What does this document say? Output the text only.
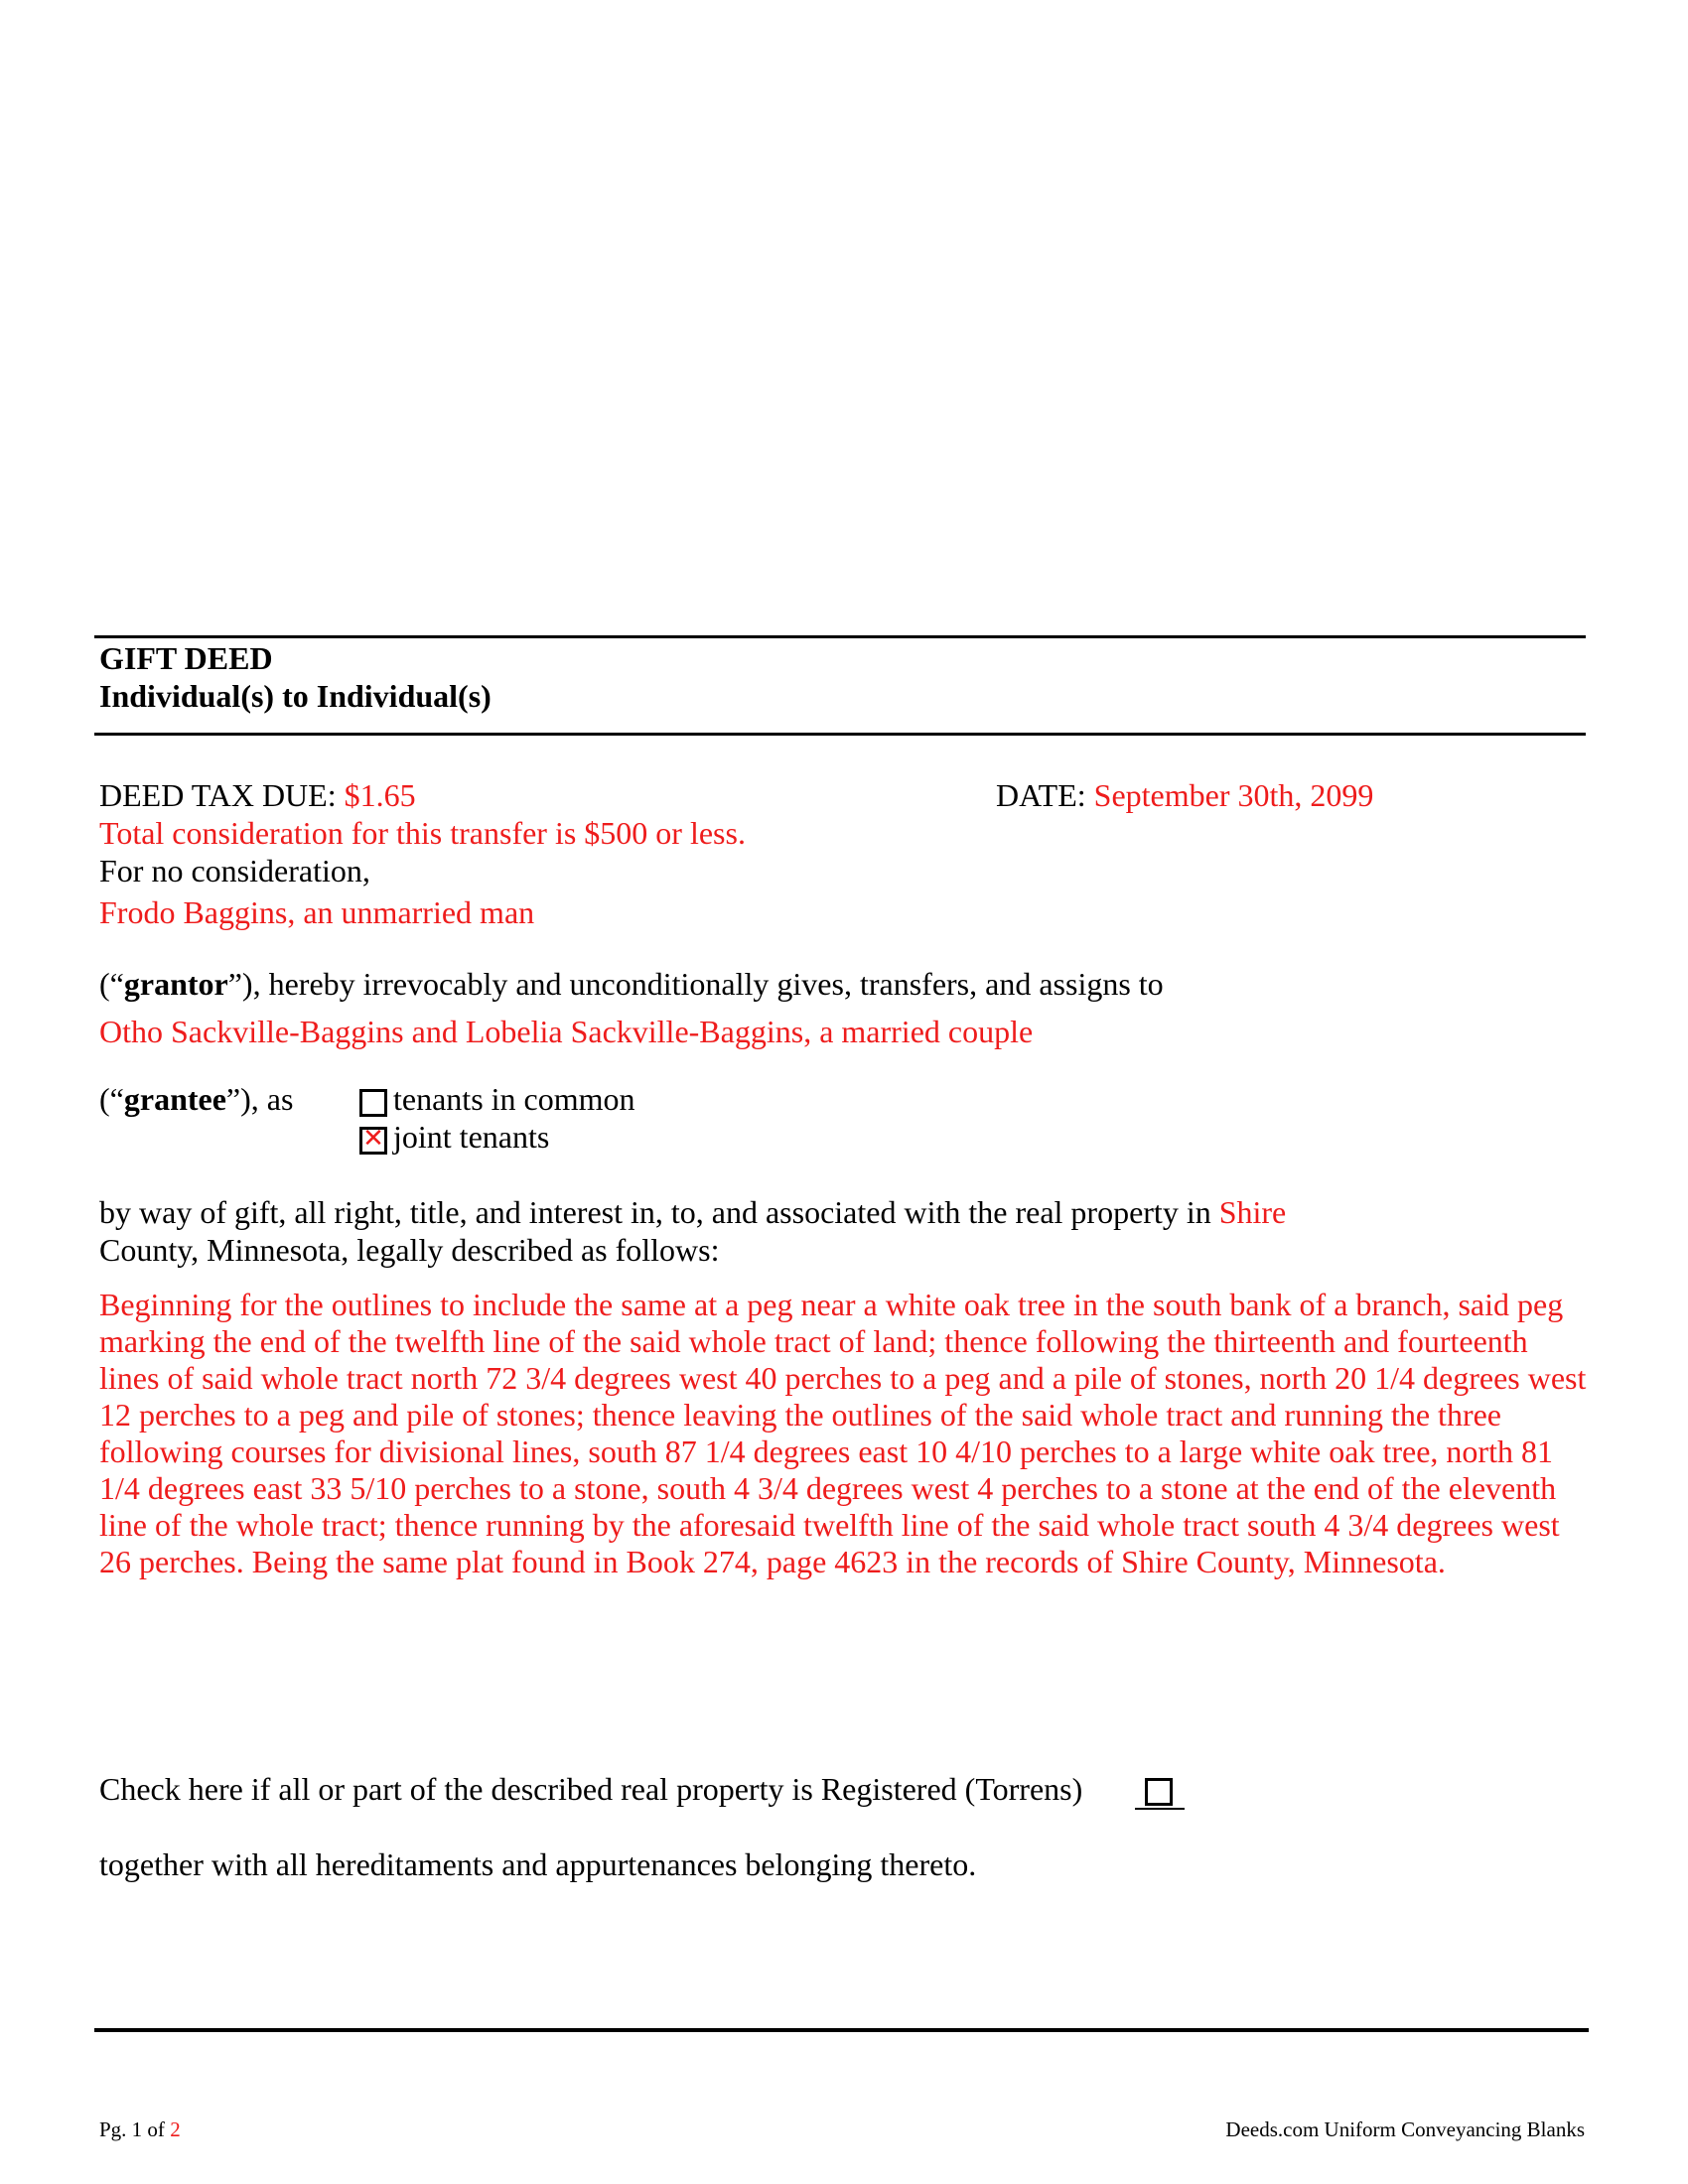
GIFT DEED
Individual(s) to Individual(s)
DEED TAX DUE: $1.65	DATE: September 30th, 2099
Total consideration for this transfer is $500 or less.
For no consideration,
Frodo Baggins, an unmarried man
(“grantor”), hereby irrevocably and unconditionally gives, transfers, and assigns to
Otho Sackville-Baggins and Lobelia Sackville-Baggins, a married couple
(“grantee”), as	tenants in common
✕ joint tenants
by way of gift, all right, title, and interest in, to, and associated with the real property in Shire
County, Minnesota, legally described as follows:
Beginning for the outlines to include the same at a peg near a white oak tree in the south bank of a branch, said peg marking the end of the twelfth line of the said whole tract of land; thence following the thirteenth and fourteenth lines of said whole tract north 72 3/4 degrees west 40 perches to a peg and a pile of stones, north 20 1/4 degrees west 12 perches to a peg and pile of stones; thence leaving the outlines of the said whole tract and running the three following courses for divisional lines, south 87 1/4 degrees east 10 4/10 perches to a large white oak tree, north 81 1/4 degrees east 33 5/10 perches to a stone, south 4 3/4 degrees west 4 perches to a stone at the end of the eleventh line of the whole tract; thence running by the aforesaid twelfth line of the said whole tract south 4 3/4 degrees west 26 perches. Being the same plat found in Book 274, page 4623 in the records of Shire County, Minnesota.
Check here if all or part of the described real property is Registered (Torrens)
together with all hereditaments and appurtenances belonging thereto.
Pg. 1 of 2	Deeds.com Uniform Conveyancing Blanks
